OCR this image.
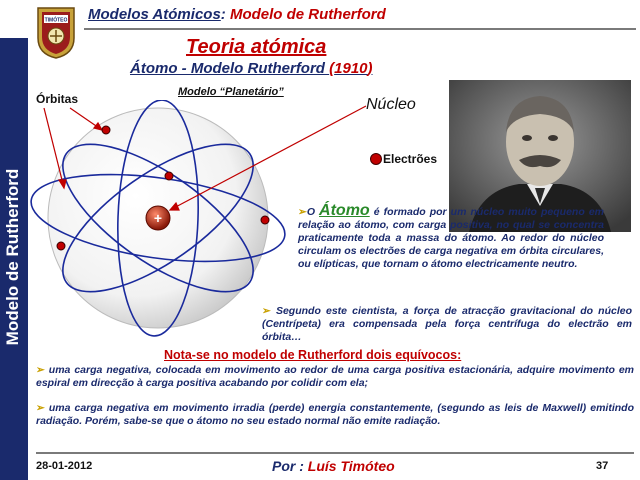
TIMÓTEO Modelos Atómicos: Modelo de Rutherford
Modelo de Rutherford
Teoria atómica
Átomo - Modelo Rutherford (1910)
Modelo “Planetário”
Órbitas
+
Núcleo
Electrões
➢O Átomo é formado por um núcleo muito pequeno em relação ao átomo, com carga positiva, no qual se concentra praticamente toda a massa do átomo. Ao redor do núcleo circulam os electrões de carga negativa em órbita circulares, ou elípticas, que tornam o átomo electricamente neutro.
➢ Segundo este cientista, a força de atracção gravitacional do núcleo (Centrípeta) era compensada pela força centrífuga do electrão em órbita…
Nota-se no modelo de Rutherford dois equívocos:
➢ uma carga negativa, colocada em movimento ao redor de uma carga positiva estacionária, adquire movimento em espiral em direcção à carga positiva acabando por colidir com ela;
➢ uma carga negativa em movimento irradia (perde) energia constantemente, (segundo as leis de Maxwell) emitindo radiação. Porém, sabe-se que o átomo no seu estado normal não emite radiação.
28-01-2012	Por : Luís Timóteo	37
